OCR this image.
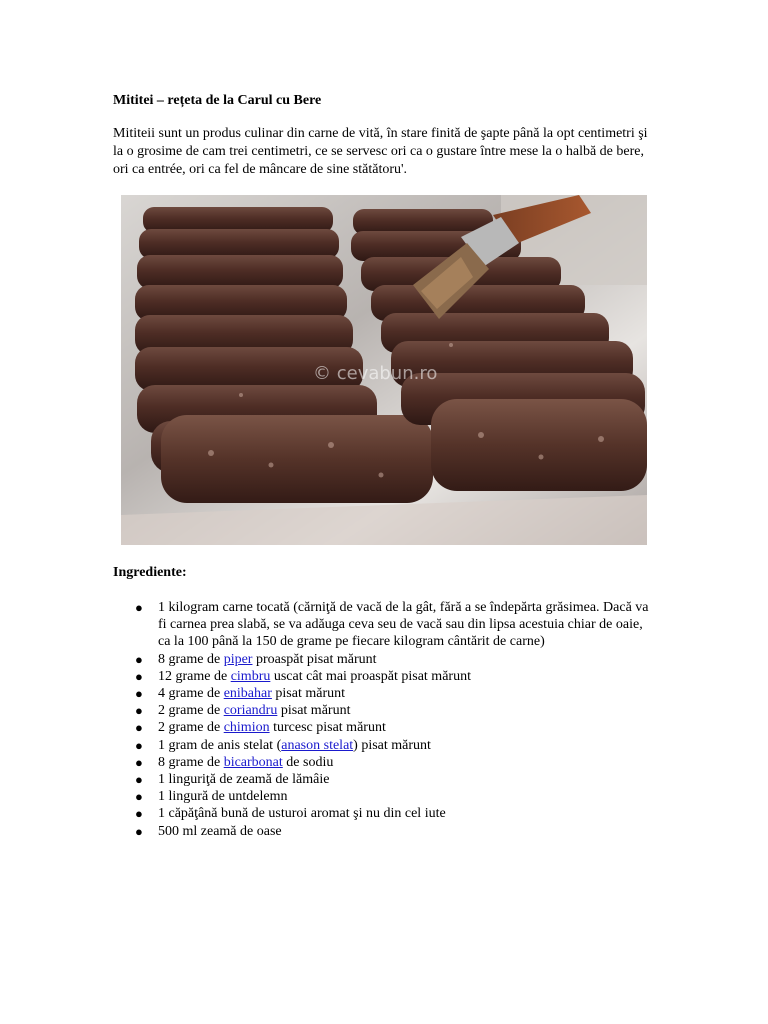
Mititei – rețeta de la Carul cu Bere
Mititeii sunt un produs culinar din carne de vită, în stare finită de şapte până la opt centimetri şi la o grosime de cam trei centimetri, ce se servesc ori ca o gustare între mese la o halbă de bere, ori ca entrée, ori ca fel de mâncare de sine stătătoru'.
© cevabun.ro
Ingrediente:
● 1 kilogram carne tocată (cărniţă de vacă de la gât, fără a se îndepărta grăsimea. Dacă va fi carnea prea slabă, se va adăuga ceva seu de vacă sau din lipsa acestuia chiar de oaie, ca la 100 până la 150 de grame pe fiecare kilogram cântărit de carne)
● 8 grame de piper proaspăt pisat mărunt
● 12 grame de cimbru uscat cât mai proaspăt pisat mărunt
● 4 grame de enibahar pisat mărunt
● 2 grame de coriandru pisat mărunt
● 2 grame de chimion turcesc pisat mărunt
● 1 gram de anis stelat (anason stelat) pisat mărunt
● 8 grame de bicarbonat de sodiu
● 1 linguriţă de zeamă de lămâie
● 1 lingură de untdelemn
● 1 căpăţână bună de usturoi aromat şi nu din cel iute
● 500 ml zeamă de oase
